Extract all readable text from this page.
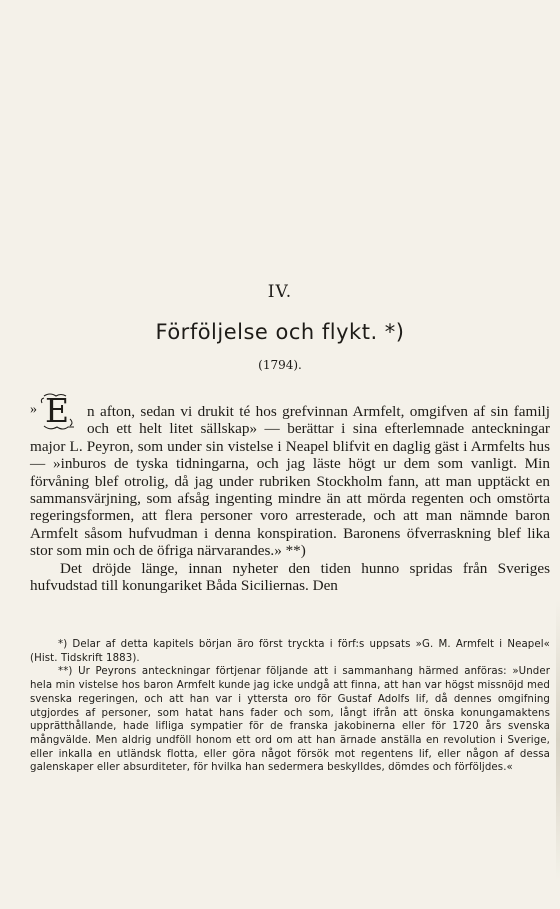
IV.
Förföljelse och flykt. *)
(1794).

» E n afton, sedan vi drukit té hos grefvinnan Armfelt, omgifven af sin familj och ett helt litet sällskap» — berättar i sina efterlemnade anteckningar major L. Peyron, som under sin vistelse i Neapel blifvit en daglig gäst i Armfelts hus — »inburos de tyska tidningarna, och jag läste högt ur dem som vanligt. Min förvåning blef otrolig, då jag under rubriken Stockholm fann, att man upptäckt en sammansvärjning, som afsåg ingenting mindre än att mörda regenten och omstörta regeringsformen, att flera personer voro arresterade, och att man nämnde baron Armfelt såsom hufvudman i denna konspiration. Baronens öfverraskning blef lika stor som min och de öfriga närvarandes.» **)

Det dröjde länge, innan nyheter den tiden hunno spridas från Sveriges hufvudstad till konungariket Båda Siciliernas. Den

*) Delar af detta kapitels början äro först tryckta i förf:s uppsats »G. M. Armfelt i Neapel« (Hist. Tidskrift 1883).

**) Ur Peyrons anteckningar förtjenar följande att i sammanhang härmed anföras: »Under hela min vistelse hos baron Armfelt kunde jag icke undgå att finna, att han var högst missnöjd med svenska regeringen, och att han var i yttersta oro för Gustaf Adolfs lif, då dennes omgifning utgjordes af personer, som hatat hans fader och som, långt ifrån att önska konungamaktens upprätthållande, hade lifliga sympatier för de franska jakobinerna eller för 1720 års svenska mångvälde. Men aldrig undföll honom ett ord om att han ärnade anställa en revolution i Sverige, eller inkalla en utländsk flotta, eller göra något försök mot regentens lif, eller någon af dessa galenskaper eller absurditeter, för hvilka han sedermera beskylldes, dömdes och förföljdes.«
